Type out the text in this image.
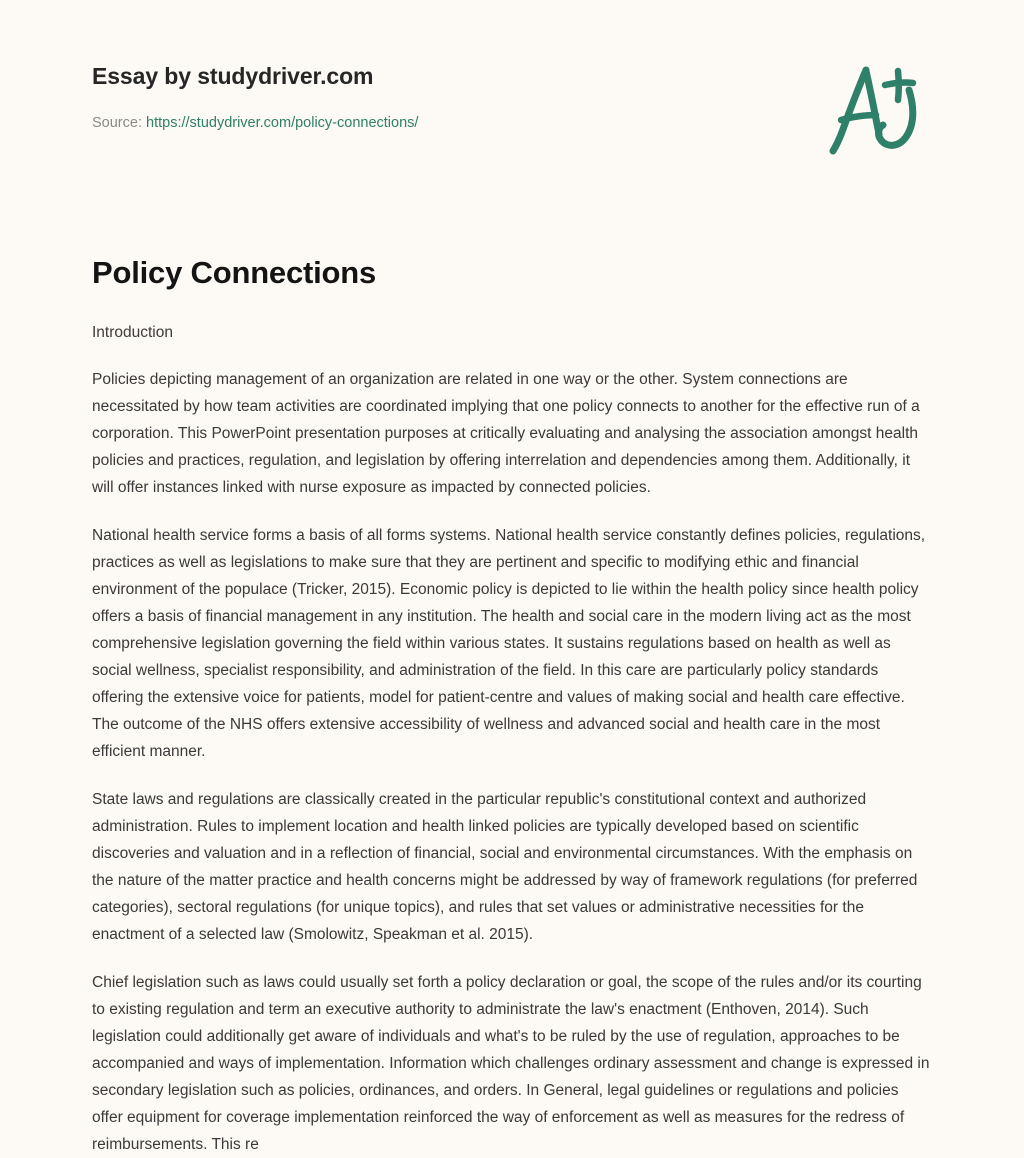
Essay by studydriver.com
Source: https://studydriver.com/policy-connections/
Policy Connections
Introduction

Policies depicting management of an organization are related in one way or the other. System connections are necessitated by how team activities are coordinated implying that one policy connects to another for the effective run of a corporation. This PowerPoint presentation purposes at critically evaluating and analysing the association amongst health policies and practices, regulation, and legislation by offering interrelation and dependencies among them. Additionally, it will offer instances linked with nurse exposure as impacted by connected policies.

National health service forms a basis of all forms systems. National health service constantly defines policies, regulations, practices as well as legislations to make sure that they are pertinent and specific to modifying ethic and financial environment of the populace (Tricker, 2015). Economic policy is depicted to lie within the health policy since health policy offers a basis of financial management in any institution. The health and social care in the modern living act as the most comprehensive legislation governing the field within various states. It sustains regulations based on health as well as social wellness, specialist responsibility, and administration of the field. In this care are particularly policy standards offering the extensive voice for patients, model for patient-centre and values of making social and health care effective. The outcome of the NHS offers extensive accessibility of wellness and advanced social and health care in the most efficient manner.

State laws and regulations are classically created in the particular republic's constitutional context and authorized administration. Rules to implement location and health linked policies are typically developed based on scientific discoveries and valuation and in a reflection of financial, social and environmental circumstances. With the emphasis on the nature of the matter practice and health concerns might be addressed by way of framework regulations (for preferred categories), sectoral regulations (for unique topics), and rules that set values or administrative necessities for the enactment of a selected law (Smolowitz, Speakman et al. 2015).

Chief legislation such as laws could usually set forth a policy declaration or goal, the scope of the rules and/or its courting to existing regulation and term an executive authority to administrate the law's enactment (Enthoven, 2014). Such legislation could additionally get aware of individuals and what's to be ruled by the use of regulation, approaches to be accompanied and ways of implementation. Information which challenges ordinary assessment and change is expressed in secondary legislation such as policies, ordinances, and orders. In General, legal guidelines or regulations and policies offer equipment for coverage implementation reinforced the way of enforcement as well as measures for the redress of reimbursements. This re
